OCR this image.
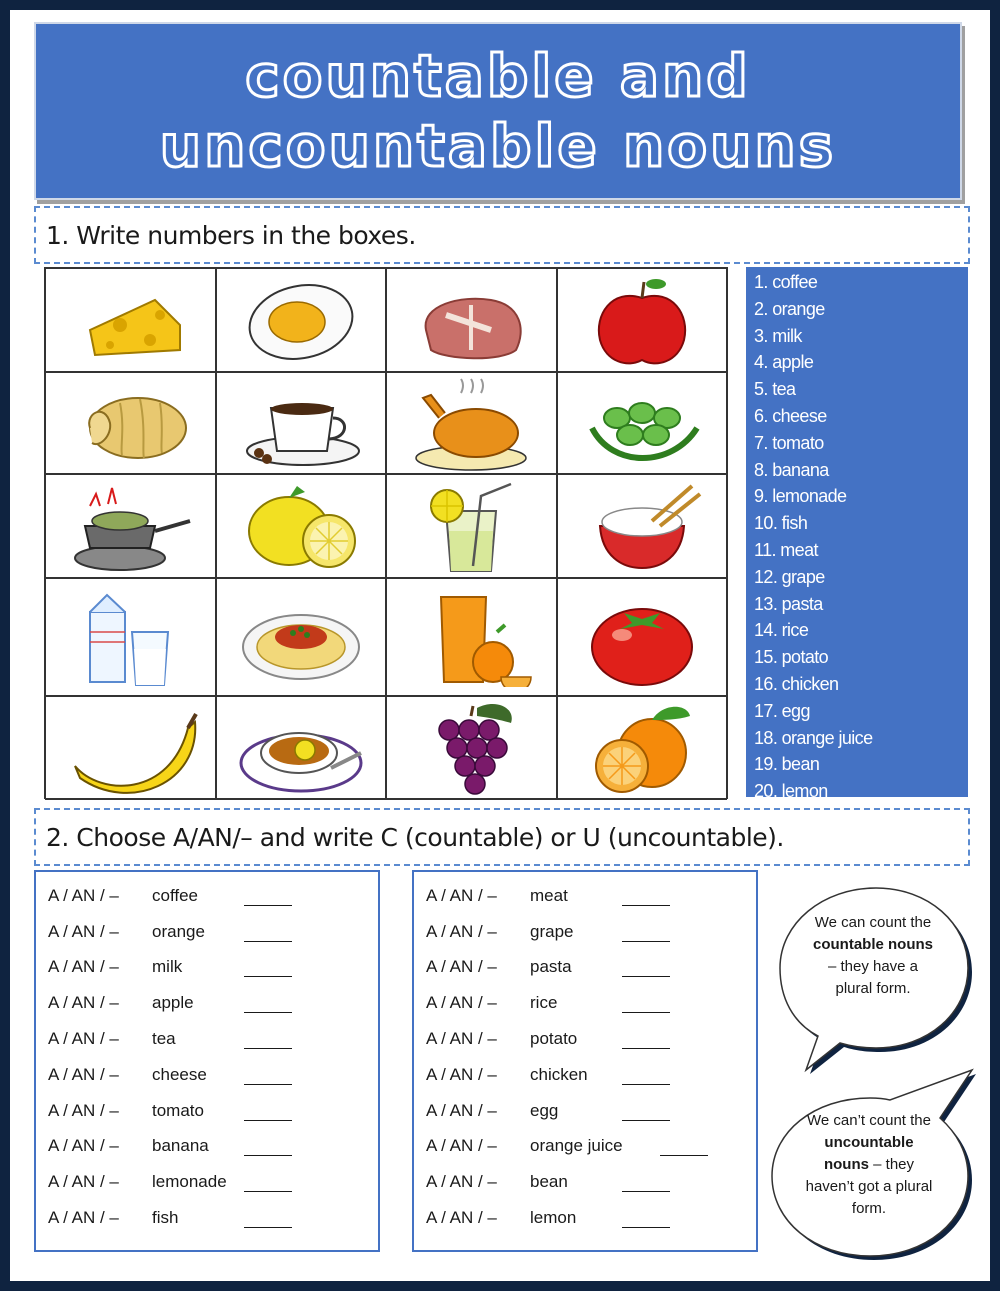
countable and
uncountable nouns
1. Write numbers in the boxes.
1. coffee
2. orange
3. milk
4. apple
5. tea
6. cheese
7. tomato
8. banana
9. lemonade
10. fish
11. meat
12. grape
13. pasta
14. rice
15. potato
16. chicken
17. egg
18. orange juice
19. bean
20. lemon
2. Choose A/AN/– and write C (countable) or U (uncountable).
A / AN / –	coffee
A / AN / –	orange
A / AN / –	milk
A / AN / –	apple
A / AN / –	tea
A / AN / –	cheese
A / AN / –	tomato
A / AN / –	banana
A / AN / –	lemonade
A / AN / –	fish
A / AN / –	meat
A / AN / –	grape
A / AN / –	pasta
A / AN / –	rice
A / AN / –	potato
A / AN / –	chicken
A / AN / –	egg
A / AN / –	orange juice
A / AN / –	bean
A / AN / –	lemon
We can count the countable nouns – they have a plural form.
We can’t count the uncountable nouns – they haven’t got a plural form.
